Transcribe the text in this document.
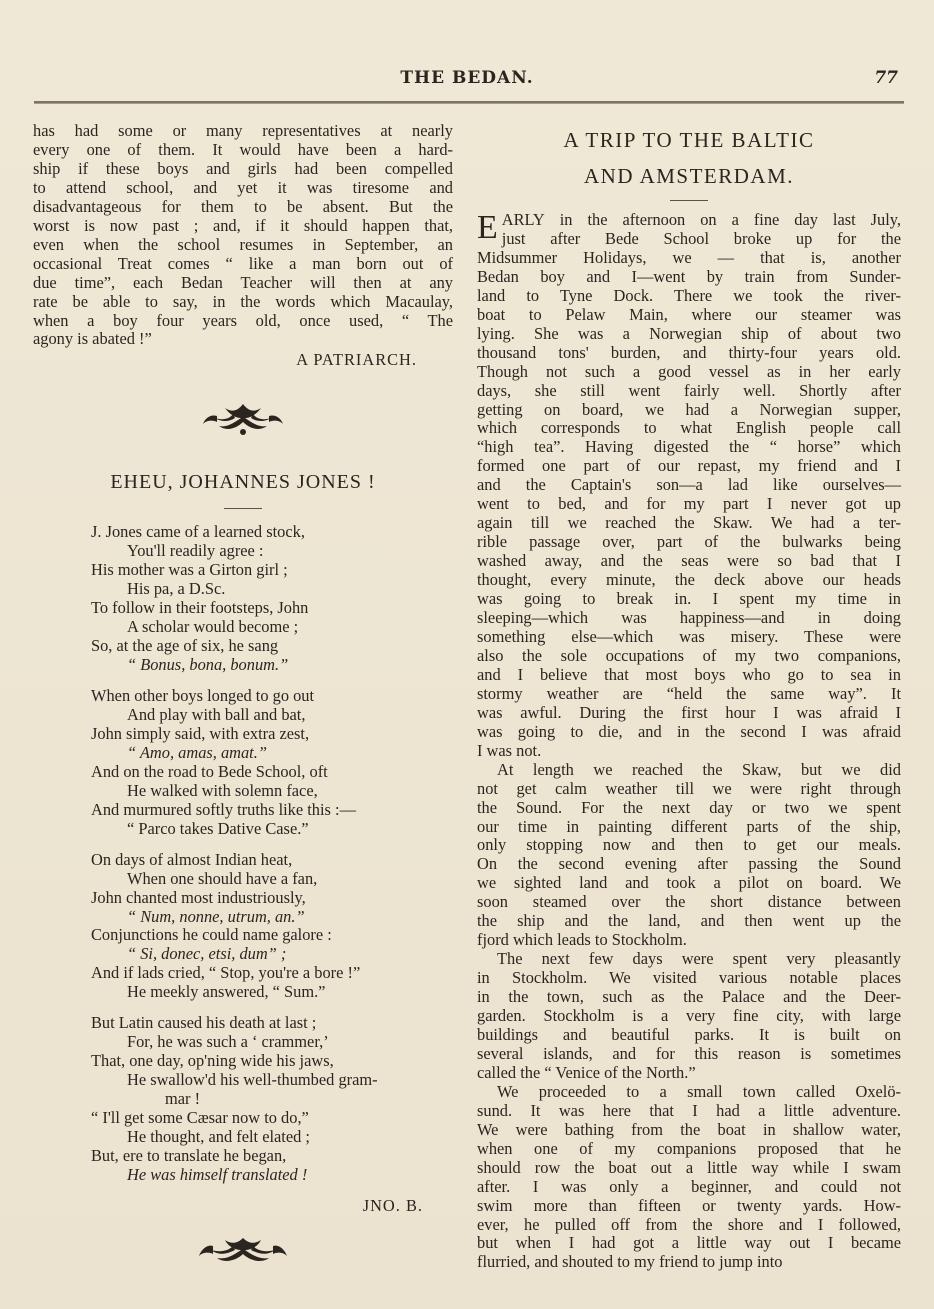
THE BEDAN.	77
has had some or many representatives at nearly
every one of them. It would have been a hard-
ship if these boys and girls had been compelled
to attend school, and yet it was tiresome and
disadvantageous for them to be absent. But the
worst is now past ; and, if it should happen that,
even when the school resumes in September, an
occasional Treat comes “ like a man born out of
due time”, each Bedan Teacher will then at any
rate be able to say, in the words which Macaulay,
when a boy four years old, once used, “ The
agony is abated !”

A PATRIARCH.

EHEU, JOHANNES JONES !

J. Jones came of a learned stock,
You'll readily agree :
His mother was a Girton girl ;
His pa, a D.Sc.
To follow in their footsteps, John
A scholar would become ;
So, at the age of six, he sang
“ Bonus, bona, bonum.”
When other boys longed to go out
And play with ball and bat,
John simply said, with extra zest,
“ Amo, amas, amat.”
And on the road to Bede School, oft
He walked with solemn face,
And murmured softly truths like this :—
“ Parco takes Dative Case.”
On days of almost Indian heat,
When one should have a fan,
John chanted most industriously,
“ Num, nonne, utrum, an.”
Conjunctions he could name galore :
“ Si, donec, etsi, dum” ;
And if lads cried, “ Stop, you're a bore !”
He meekly answered, “ Sum.”
But Latin caused his death at last ;
For, he was such a ‘ crammer,’
That, one day, op'ning wide his jaws,
He swallow'd his well-thumbed gram-
mar !
“ I'll get some Cæsar now to do,”
He thought, and felt elated ;
But, ere to translate he began,
He was himself translated !

JNO. B.

A TRIP TO THE BALTIC

AND AMSTERDAM.

E ARLY in the afternoon on a fine day last July,
just after Bede School broke up for the
Midsummer Holidays, we — that is, another
Bedan boy and I—went by train from Sunder-
land to Tyne Dock. There we took the river-
boat to Pelaw Main, where our steamer was
lying. She was a Norwegian ship of about two
thousand tons' burden, and thirty-four years old.
Though not such a good vessel as in her early
days, she still went fairly well. Shortly after
getting on board, we had a Norwegian supper,
which corresponds to what English people call
“high tea”. Having digested the “ horse” which
formed one part of our repast, my friend and I
and the Captain's son—a lad like ourselves—
went to bed, and for my part I never got up
again till we reached the Skaw. We had a ter-
rible passage over, part of the bulwarks being
washed away, and the seas were so bad that I
thought, every minute, the deck above our heads
was going to break in. I spent my time in
sleeping—which was happiness—and in doing
something else—which was misery. These were
also the sole occupations of my two companions,
and I believe that most boys who go to sea in
stormy weather are “held the same way”. It
was awful. During the first hour I was afraid I
was going to die, and in the second I was afraid
I was not.
At length we reached the Skaw, but we did
not get calm weather till we were right through
the Sound. For the next day or two we spent
our time in painting different parts of the ship,
only stopping now and then to get our meals.
On the second evening after passing the Sound
we sighted land and took a pilot on board. We
soon steamed over the short distance between
the ship and the land, and then went up the
fjord which leads to Stockholm.
The next few days were spent very pleasantly
in Stockholm. We visited various notable places
in the town, such as the Palace and the Deer-
garden. Stockholm is a very fine city, with large
buildings and beautiful parks. It is built on
several islands, and for this reason is sometimes
called the “ Venice of the North.”
We proceeded to a small town called Oxelö-
sund. It was here that I had a little adventure.
We were bathing from the boat in shallow water,
when one of my companions proposed that he
should row the boat out a little way while I swam
after. I was only a beginner, and could not
swim more than fifteen or twenty yards. How-
ever, he pulled off from the shore and I followed,
but when I had got a little way out I became
flurried, and shouted to my friend to jump into
